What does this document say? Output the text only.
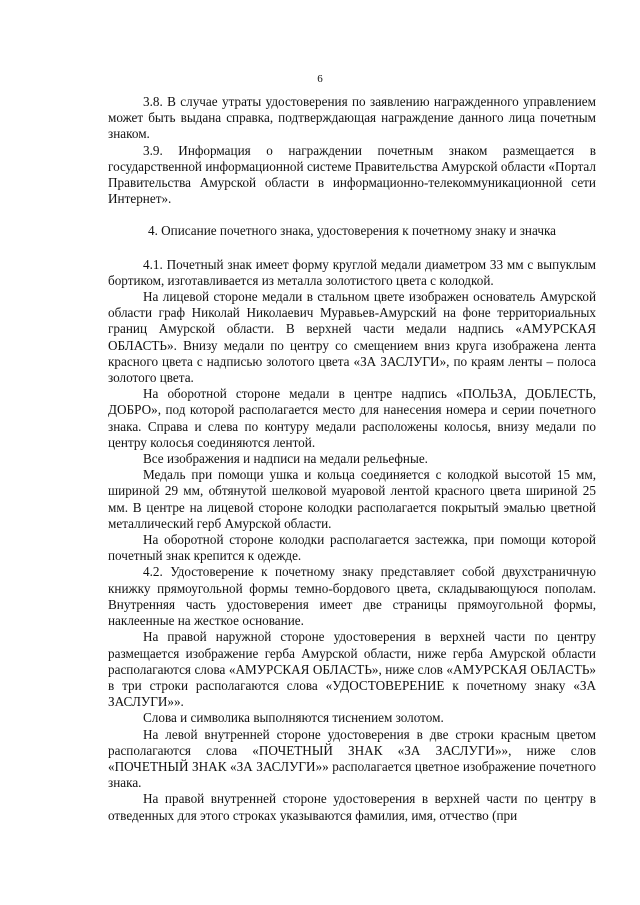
6

3.8. В случае утраты удостоверения по заявлению награжденного управлением может быть выдана справка, подтверждающая награждение данного лица почетным знаком.

3.9. Информация о награждении почетным знаком размещается в государственной информационной системе Правительства Амурской области «Портал Правительства Амурской области в информационно-телекоммуникационной сети Интернет».

4. Описание почетного знака, удостоверения к почетному знаку и значка

4.1. Почетный знак имеет форму круглой медали диаметром 33 мм с выпуклым бортиком, изготавливается из металла золотистого цвета с колодкой.

На лицевой стороне медали в стальном цвете изображен основатель Амурской области граф Николай Николаевич Муравьев-Амурский на фоне территориальных границ Амурской области. В верхней части медали надпись «АМУРСКАЯ ОБЛАСТЬ». Внизу медали по центру со смещением вниз круга изображена лента красного цвета с надписью золотого цвета «ЗА ЗАСЛУГИ», по краям ленты – полоса золотого цвета.

На оборотной стороне медали в центре надпись «ПОЛЬЗА, ДОБЛЕСТЬ, ДОБРО», под которой располагается место для нанесения номера и серии почетного знака. Справа и слева по контуру медали расположены колосья, внизу медали по центру колосья соединяются лентой.

Все изображения и надписи на медали рельефные.

Медаль при помощи ушка и кольца соединяется с колодкой высотой 15 мм, шириной 29 мм, обтянутой шелковой муаровой лентой красного цвета шириной 25 мм. В центре на лицевой стороне колодки располагается покрытый эмалью цветной металлический герб Амурской области.

На оборотной стороне колодки располагается застежка, при помощи которой почетный знак крепится к одежде.

4.2. Удостоверение к почетному знаку представляет собой двухстраничную книжку прямоугольной формы темно-бордового цвета, складывающуюся пополам. Внутренняя часть удостоверения имеет две страницы прямоугольной формы, наклеенные на жесткое основание.

На правой наружной стороне удостоверения в верхней части по центру размещается изображение герба Амурской области, ниже герба Амурской области располагаются слова «АМУРСКАЯ ОБЛАСТЬ», ниже слов «АМУРСКАЯ ОБЛАСТЬ» в три строки располагаются слова «УДОСТОВЕРЕНИЕ к почетному знаку «ЗА ЗАСЛУГИ»».

Слова и символика выполняются тиснением золотом.

На левой внутренней стороне удостоверения в две строки красным цветом располагаются слова «ПОЧЕТНЫЙ ЗНАК «ЗА ЗАСЛУГИ»», ниже слов «ПОЧЕТНЫЙ ЗНАК «ЗА ЗАСЛУГИ»» располагается цветное изображение почетного знака.

На правой внутренней стороне удостоверения в верхней части по центру в отведенных для этого строках указываются фамилия, имя, отчество (при
